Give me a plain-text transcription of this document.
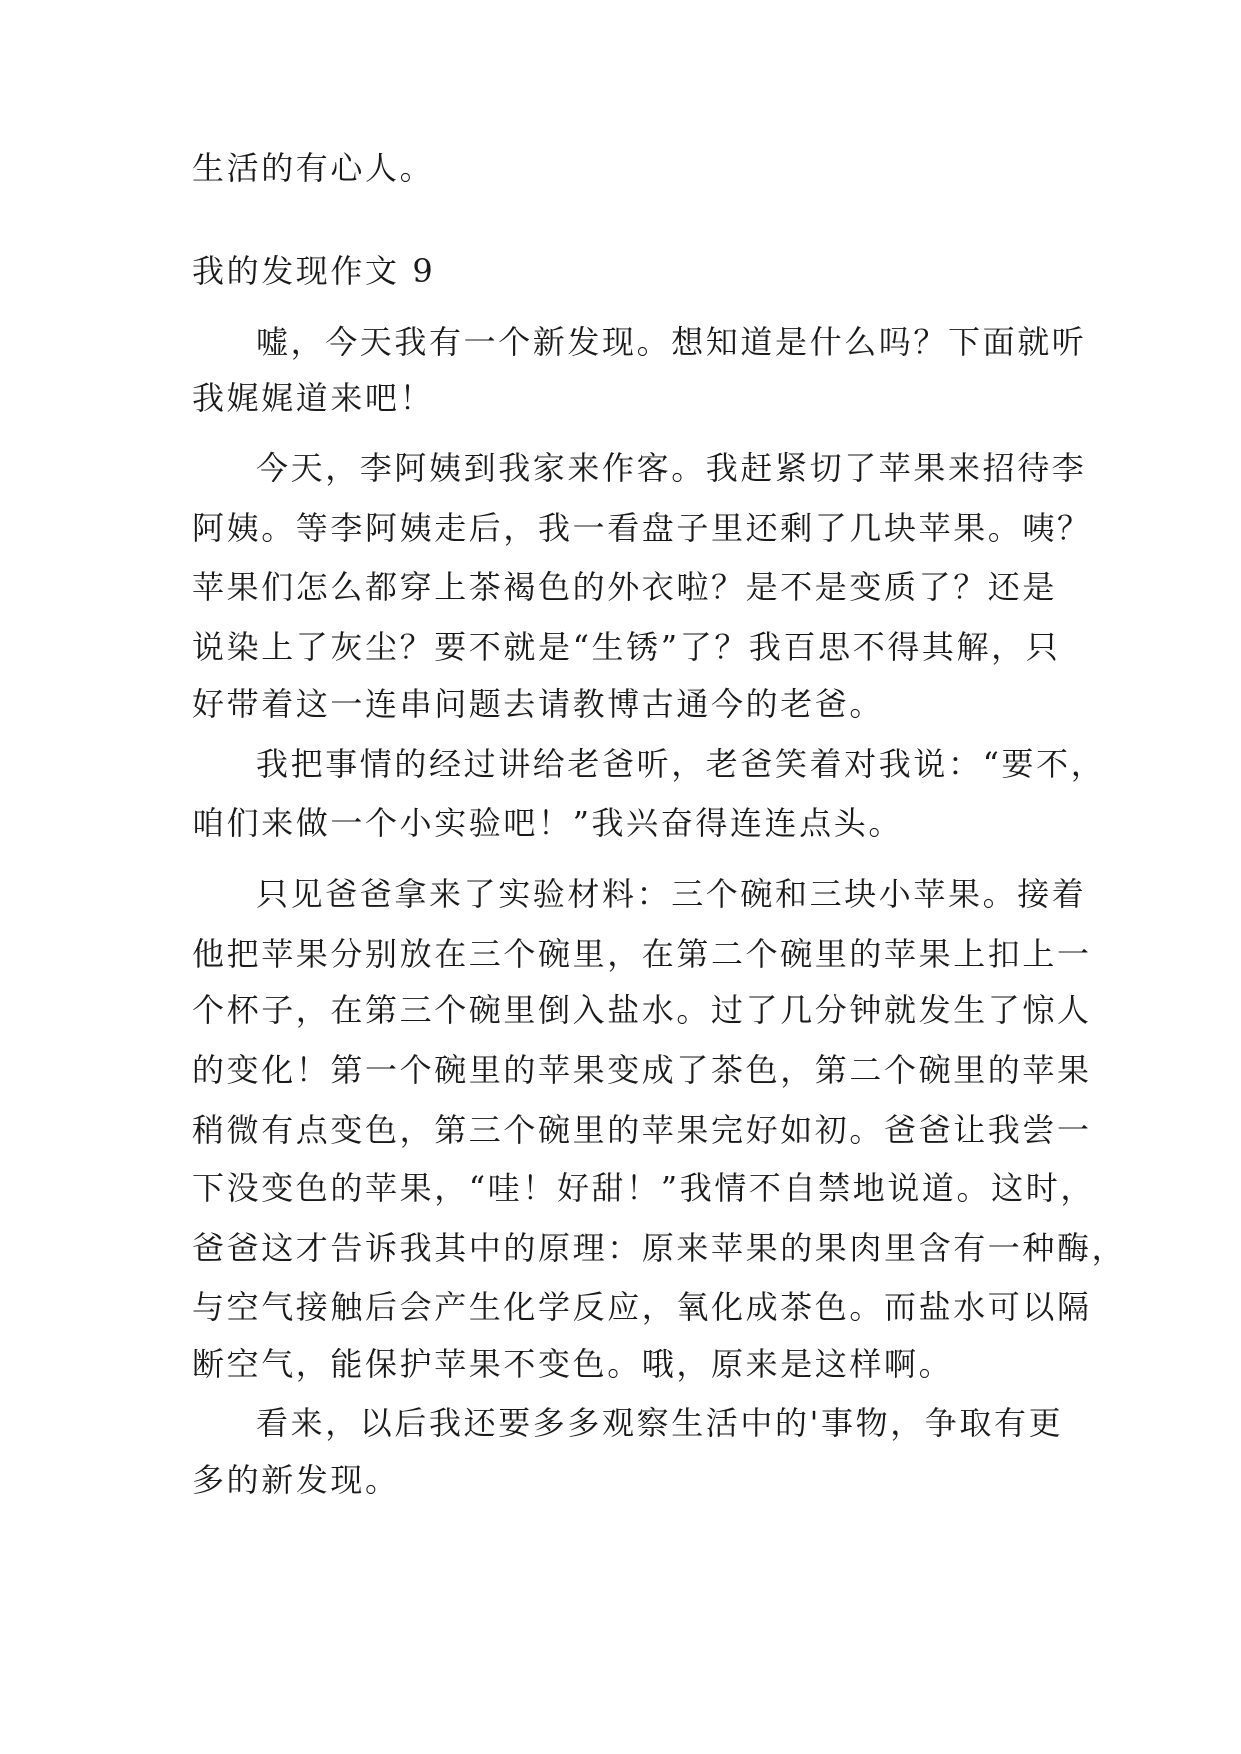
生活的有心人。
我的发现作文 9
嘘，今天我有一个新发现。想知道是什么吗？下面就听
我娓娓道来吧！
今天，李阿姨到我家来作客。我赶紧切了苹果来招待李
阿姨。等李阿姨走后，我一看盘子里还剩了几块苹果。咦？
苹果们怎么都穿上茶褐色的外衣啦？是不是变质了？还是
说染上了灰尘？要不就是“生锈”了？我百思不得其解，只
好带着这一连串问题去请教博古通今的老爸。
我把事情的经过讲给老爸听，老爸笑着对我说：“要不，
咱们来做一个小实验吧！”我兴奋得连连点头。
只见爸爸拿来了实验材料：三个碗和三块小苹果。接着
他把苹果分别放在三个碗里，在第二个碗里的苹果上扣上一
个杯子，在第三个碗里倒入盐水。过了几分钟就发生了惊人
的变化！第一个碗里的苹果变成了茶色，第二个碗里的苹果
稍微有点变色，第三个碗里的苹果完好如初。爸爸让我尝一
下没变色的苹果，“哇！好甜！”我情不自禁地说道。这时，
爸爸这才告诉我其中的原理：原来苹果的果肉里含有一种酶，
与空气接触后会产生化学反应，氧化成茶色。而盐水可以隔
断空气，能保护苹果不变色。哦，原来是这样啊。
看来，以后我还要多多观察生活中的'事物，争取有更
多的新发现。
